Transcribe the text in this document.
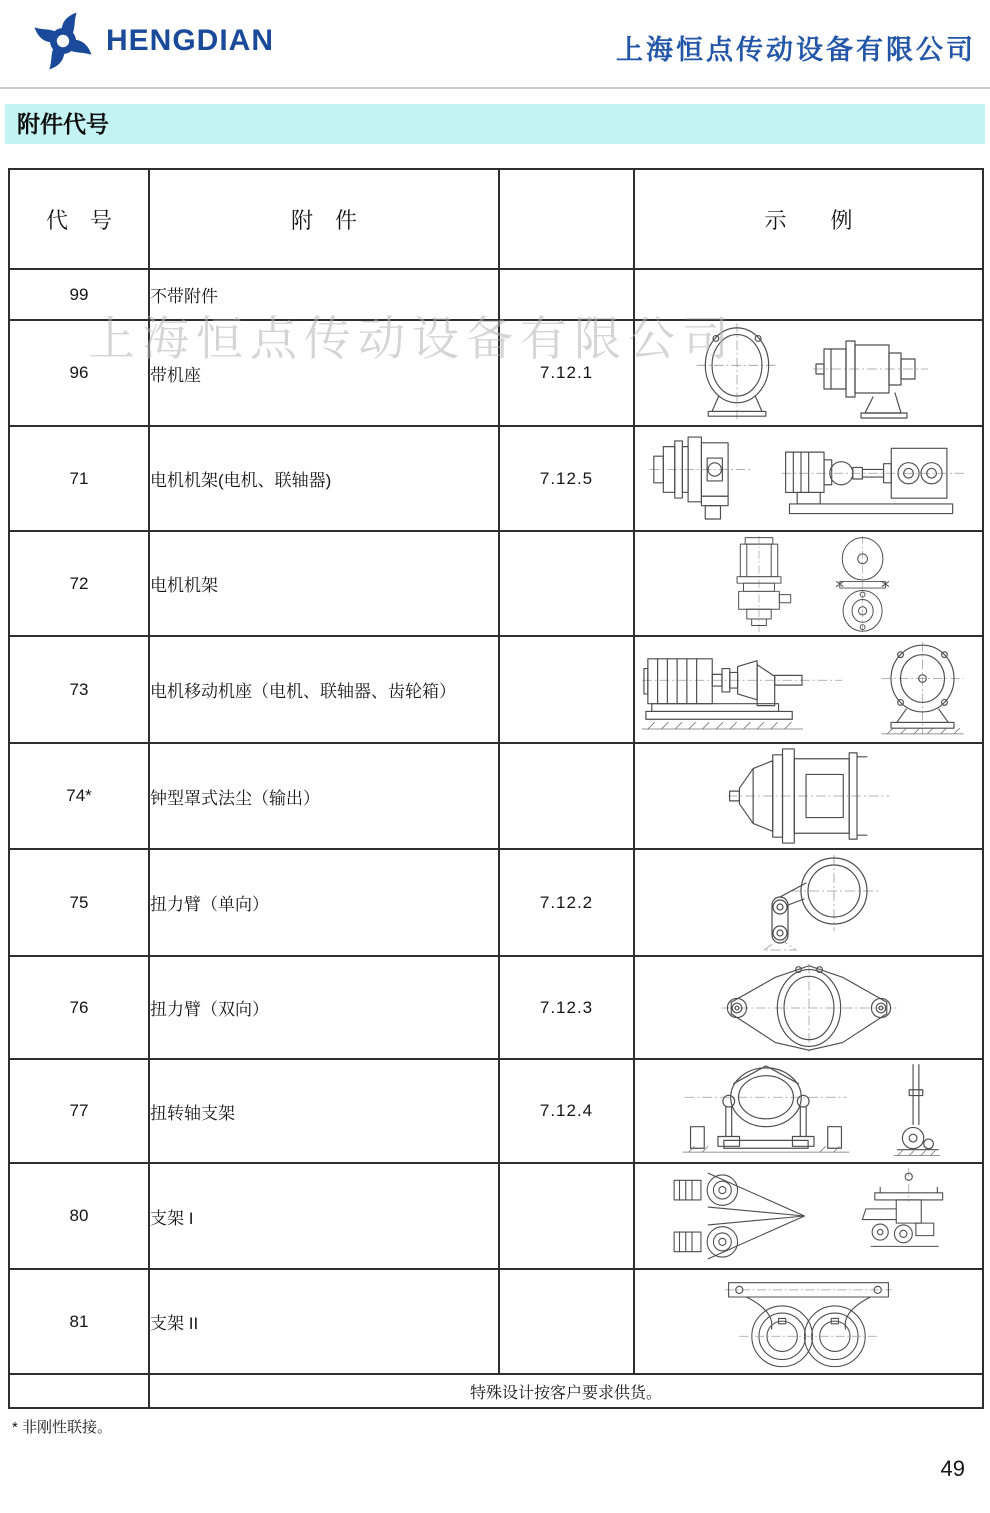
HENGDIAN	上海恒点传动设备有限公司
附件代号
上海恒点传动设备有限公司
代　号	附　件		示　　例
99	不带附件		

96	带机座	7.12.1	

71	电机机架(电机、联轴器)	7.12.5	

72	电机机架		

73	电机移动机座（电机、联轴器、齿轮箱）		

74*	钟型罩式法尘（输出）		

75	扭力臂（单向）	7.12.2	

76	扭力臂（双向）	7.12.3	

77	扭转轴支架	7.12.4	

80	支架 I		

81	支架 II		

	特殊设计按客户要求供货。		
* 非刚性联接。
49
